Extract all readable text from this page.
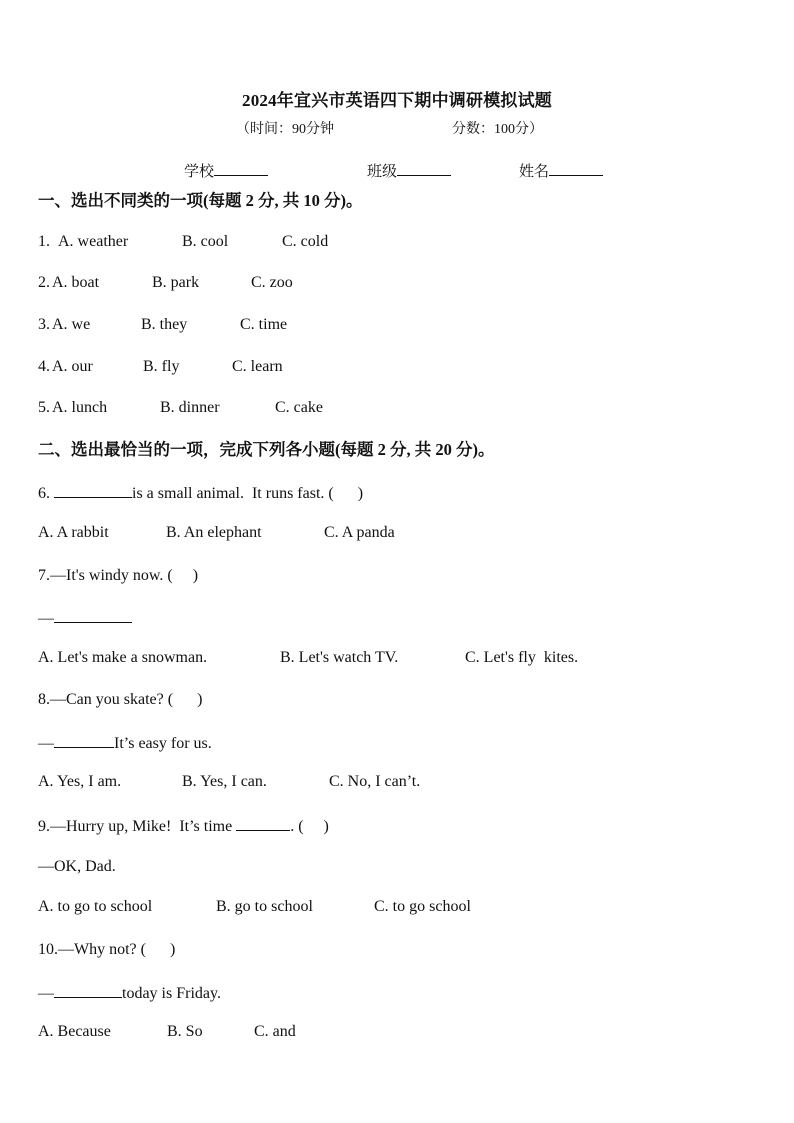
2024年宜兴市英语四下期中调研模拟试题
（时间：90分钟	分数：100分）
学校	班级	姓名
一、选出不同类的一项(每题 2 分, 共 10 分)。
1. A. weather	B. cool	C. cold
2. A. boat	B. park	C. zoo
3. A. we	B. they	C. time
4. A. our	B. fly	C. learn
5. A. lunch	B. dinner	C. cake
二、选出最恰当的一项，完成下列各小题(每题 2 分, 共 20 分)。
6.	is a small animal.  It runs fast. (      )
A. A rabbit	B. An elephant	C. A panda
7.—It's windy now. (     )
—
A. Let's make a snowman.	B. Let's watch TV.	C. Let's fly  kites.
8.—Can you skate? (      )
—	It’s easy for us.
A. Yes, I am.	B. Yes, I can.	C. No, I can’t.
9.—Hurry up, Mike!  It’s time	. (     )
—OK, Dad.
A. to go to school	B. go to school	C. to go school
10.—Why not? (      )
—	today is Friday.
A. Because	B. So	C. and
